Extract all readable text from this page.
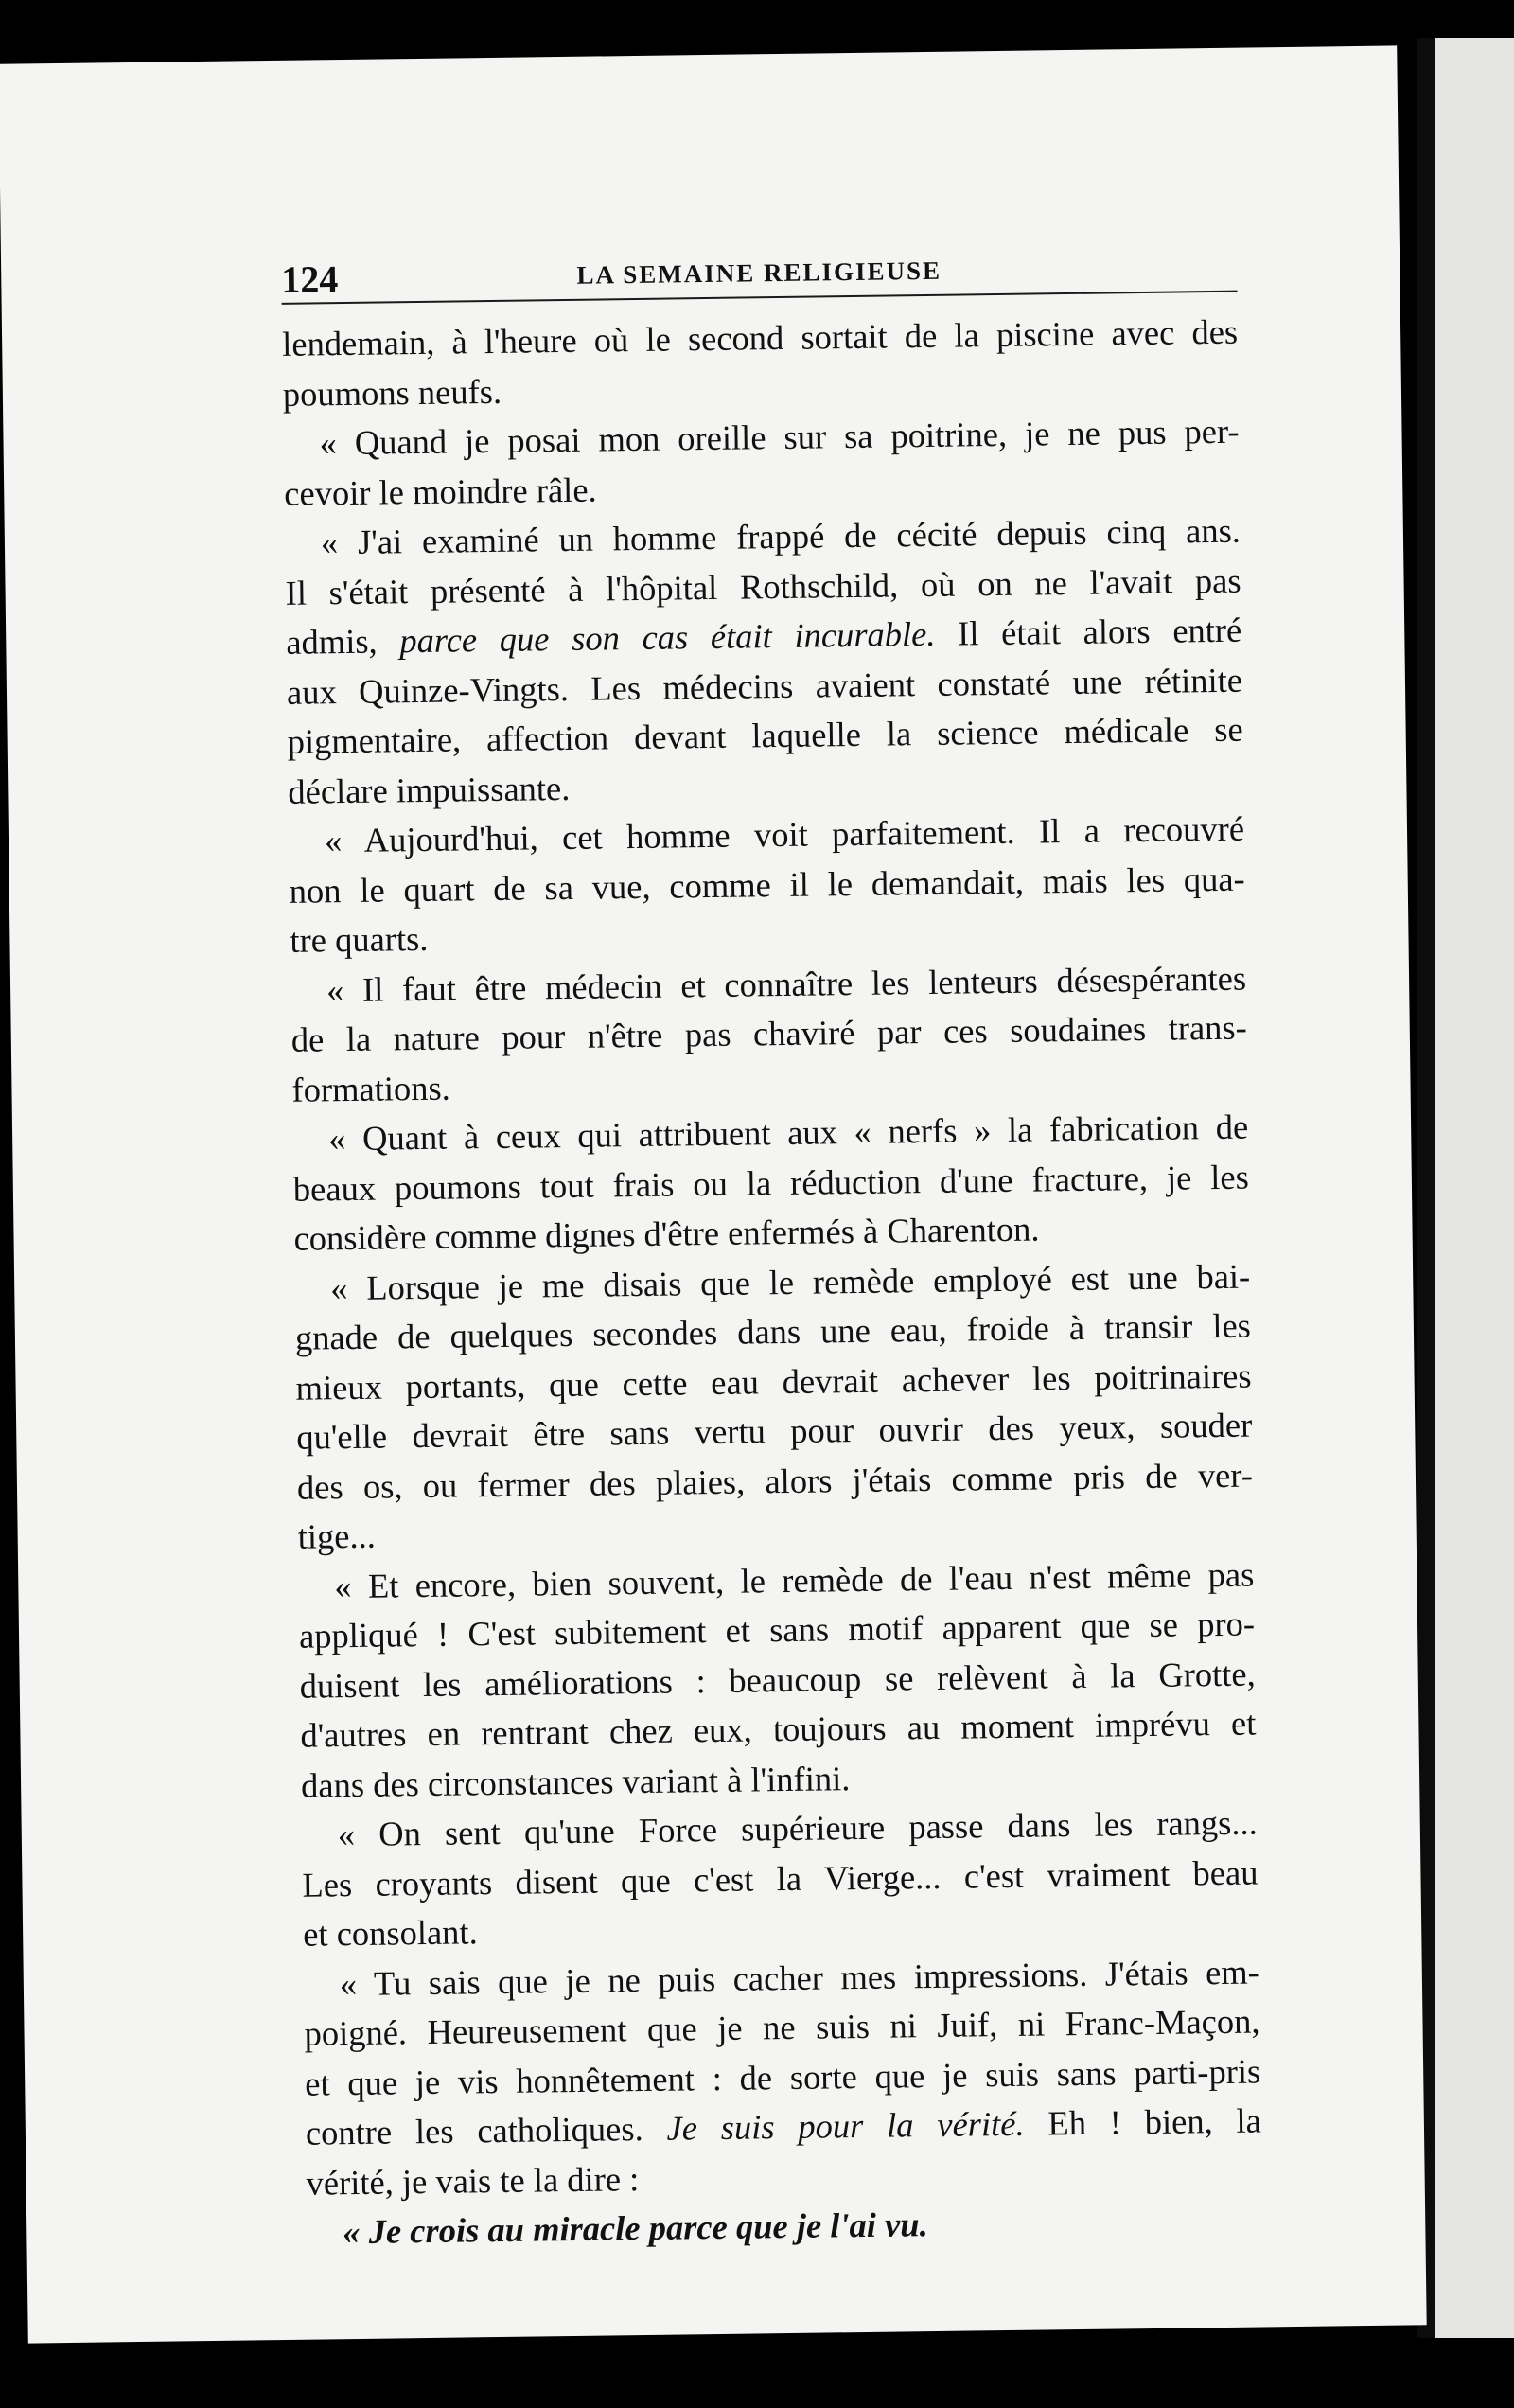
124	LA SEMAINE RELIGIEUSE
lendemain, à l'heure où le second sortait de la piscine avec des
poumons neufs.
« Quand je posai mon oreille sur sa poitrine, je ne pus per-
cevoir le moindre râle.
« J'ai examiné un homme frappé de cécité depuis cinq ans.
Il s'était présenté à l'hôpital Rothschild, où on ne l'avait pas
admis, parce que son cas était incurable. Il était alors entré
aux Quinze-Vingts. Les médecins avaient constaté une rétinite
pigmentaire, affection devant laquelle la science médicale se
déclare impuissante.
« Aujourd'hui, cet homme voit parfaitement. Il a recouvré
non le quart de sa vue, comme il le demandait, mais les qua-
tre quarts.
« Il faut être médecin et connaître les lenteurs désespérantes
de la nature pour n'être pas chaviré par ces soudaines trans-
formations.
« Quant à ceux qui attribuent aux « nerfs » la fabrication de
beaux poumons tout frais ou la réduction d'une fracture, je les
considère comme dignes d'être enfermés à Charenton.
« Lorsque je me disais que le remède employé est une bai-
gnade de quelques secondes dans une eau, froide à transir les
mieux portants, que cette eau devrait achever les poitrinaires
qu'elle devrait être sans vertu pour ouvrir des yeux, souder
des os, ou fermer des plaies, alors j'étais comme pris de ver-
tige...
« Et encore, bien souvent, le remède de l'eau n'est même pas
appliqué ! C'est subitement et sans motif apparent que se pro-
duisent les améliorations : beaucoup se relèvent à la Grotte,
d'autres en rentrant chez eux, toujours au moment imprévu et
dans des circonstances variant à l'infini.
« On sent qu'une Force supérieure passe dans les rangs...
Les croyants disent que c'est la Vierge... c'est vraiment beau
et consolant.
« Tu sais que je ne puis cacher mes impressions. J'étais em-
poigné. Heureusement que je ne suis ni Juif, ni Franc-Maçon,
et que je vis honnêtement : de sorte que je suis sans parti-pris
contre les catholiques. Je suis pour la vérité. Eh ! bien, la
vérité, je vais te la dire :
« Je crois au miracle parce que je l'ai vu.
